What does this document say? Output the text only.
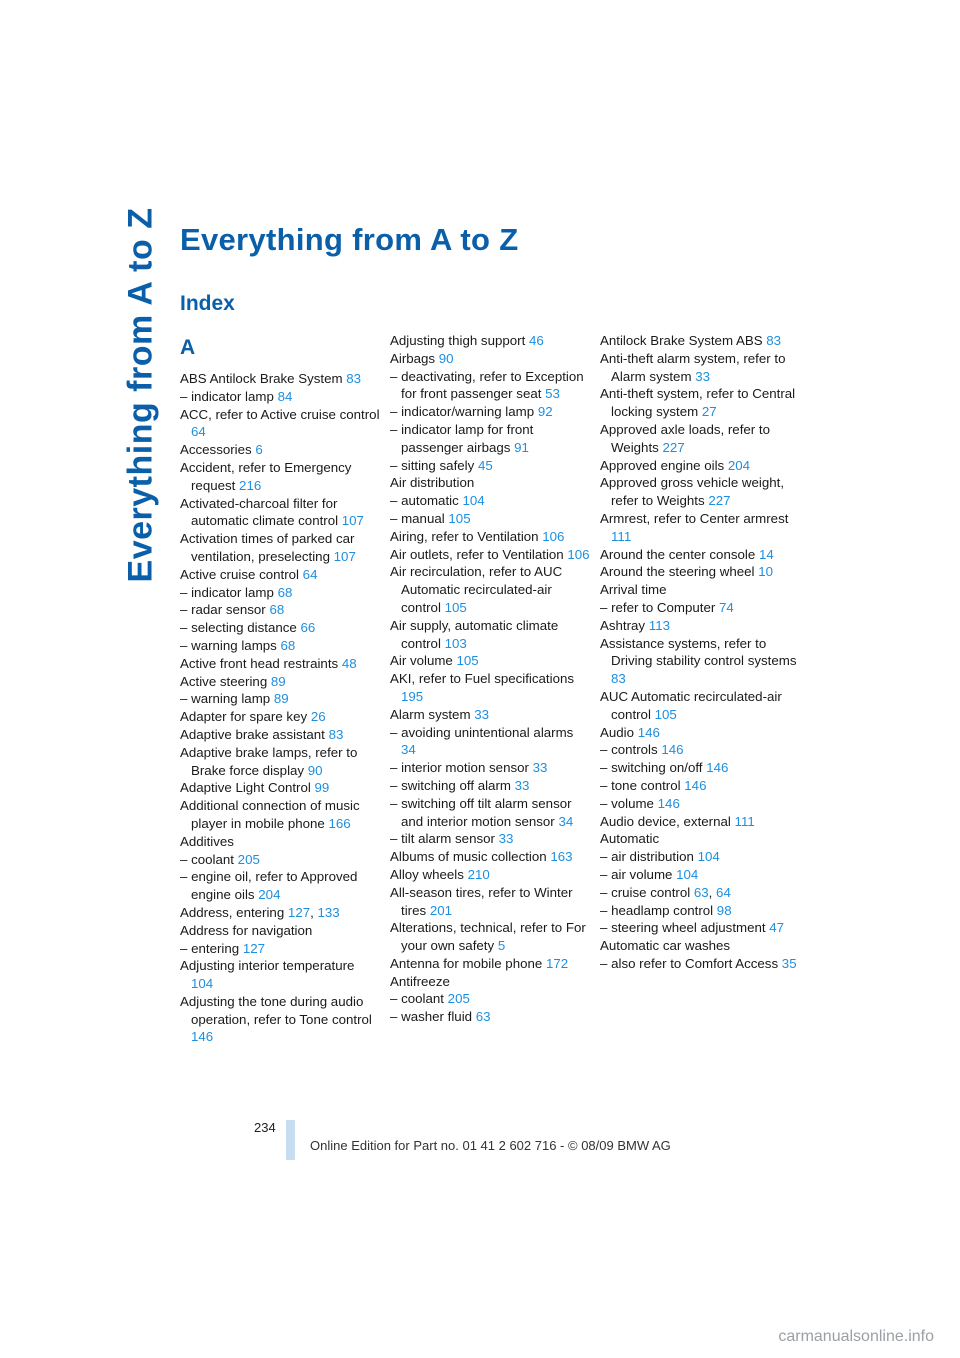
Everything from A to Z Everything from A to Z
Index
A
ABS Antilock Brake System 83
– indicator lamp 84
ACC, refer to Active cruise control 64
Accessories 6
Accident, refer to Emergency request 216
Activated-charcoal filter for automatic climate control 107
Activation times of parked car ventilation, preselecting 107
Active cruise control 64
– indicator lamp 68
– radar sensor 68
– selecting distance 66
– warning lamps 68
Active front head restraints 48
Active steering 89
– warning lamp 89
Adapter for spare key 26
Adaptive brake assistant 83
Adaptive brake lamps, refer to Brake force display 90
Adaptive Light Control 99
Additional connection of music player in mobile phone 166
Additives
– coolant 205
– engine oil, refer to Approved engine oils 204
Address, entering 127, 133
Address for navigation
– entering 127
Adjusting interior temperature 104
Adjusting the tone during audio operation, refer to Tone control 146
Adjusting thigh support 46
Airbags 90
– deactivating, refer to Exception for front passenger seat 53
– indicator/warning lamp 92
– indicator lamp for front passenger airbags 91
– sitting safely 45
Air distribution
– automatic 104
– manual 105
Airing, refer to Ventilation 106
Air outlets, refer to Ventilation 106
Air recirculation, refer to AUC Automatic recirculated-air control 105
Air supply, automatic climate control 103
Air volume 105
AKI, refer to Fuel specifications 195
Alarm system 33
– avoiding unintentional alarms 34
– interior motion sensor 33
– switching off alarm 33
– switching off tilt alarm sensor and interior motion sensor 34
– tilt alarm sensor 33
Albums of music collection 163
Alloy wheels 210
All-season tires, refer to Winter tires 201
Alterations, technical, refer to For your own safety 5
Antenna for mobile phone 172
Antifreeze
– coolant 205
– washer fluid 63
Antilock Brake System ABS 83
Anti-theft alarm system, refer to Alarm system 33
Anti-theft system, refer to Central locking system 27
Approved axle loads, refer to Weights 227
Approved engine oils 204
Approved gross vehicle weight, refer to Weights 227
Armrest, refer to Center armrest 111
Around the center console 14
Around the steering wheel 10
Arrival time
– refer to Computer 74
Ashtray 113
Assistance systems, refer to Driving stability control systems 83
AUC Automatic recirculated-air control 105
Audio 146
– controls 146
– switching on/off 146
– tone control 146
– volume 146
Audio device, external 111
Automatic
– air distribution 104
– air volume 104
– cruise control 63, 64
– headlamp control 98
– steering wheel adjustment 47
Automatic car washes
– also refer to Comfort Access 35
234
Online Edition for Part no. 01 41 2 602 716 - © 08/09 BMW AG
carmanualsonline.info
